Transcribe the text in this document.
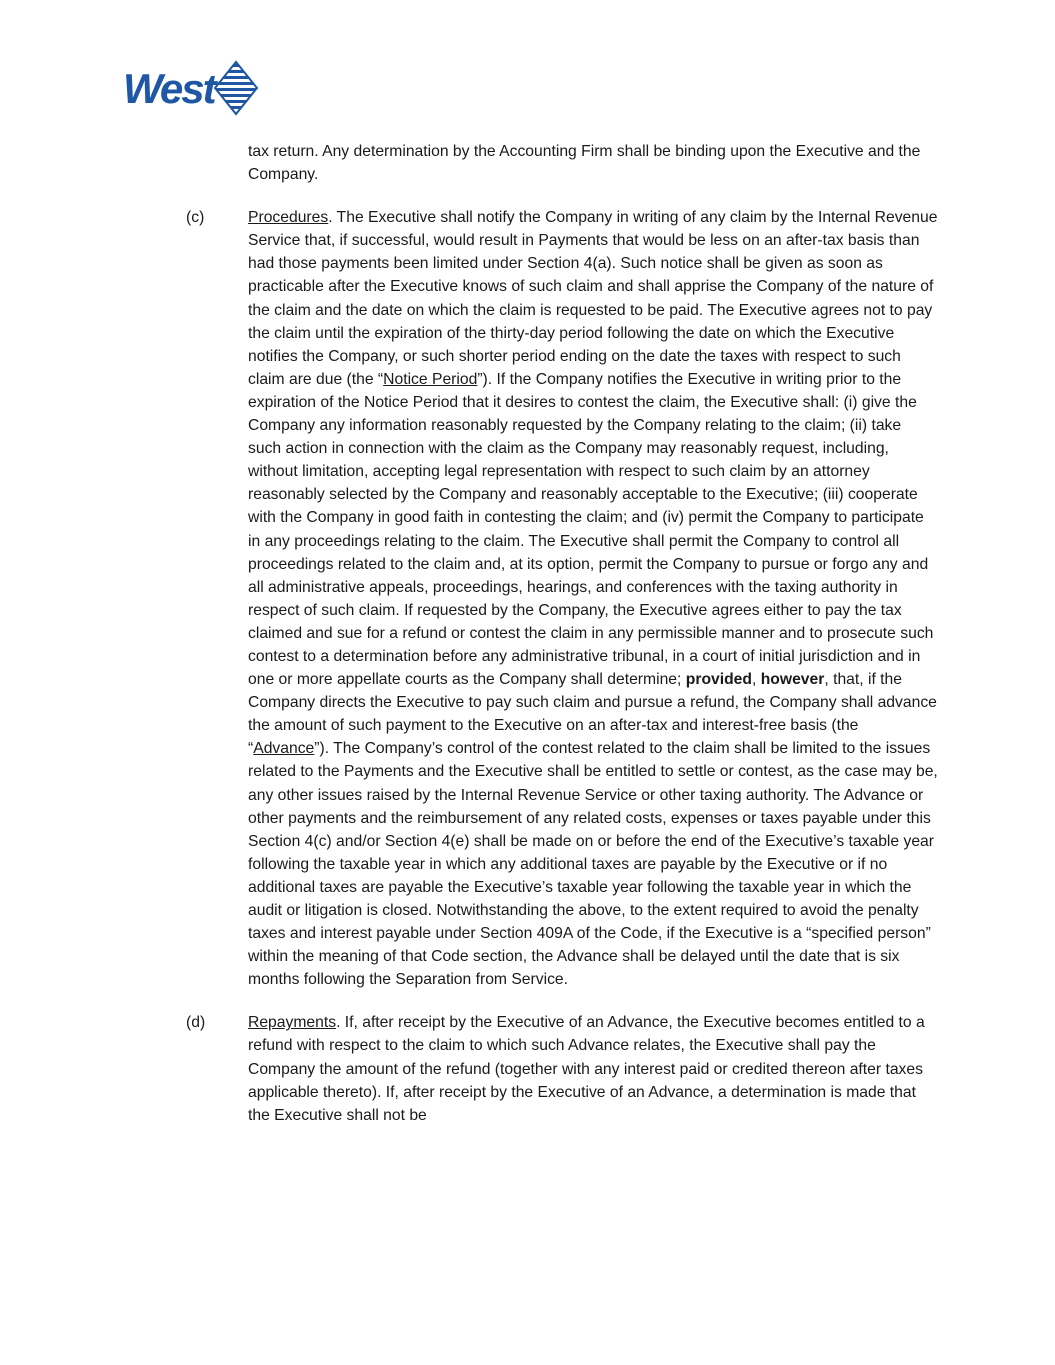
West
tax return. Any determination by the Accounting Firm shall be binding upon the Executive and the Company.
(c)	Procedures. The Executive shall notify the Company in writing of any claim by the Internal Revenue Service that, if successful, would result in Payments that would be less on an after-tax basis than had those payments been limited under Section 4(a). Such notice shall be given as soon as practicable after the Executive knows of such claim and shall apprise the Company of the nature of the claim and the date on which the claim is requested to be paid. The Executive agrees not to pay the claim until the expiration of the thirty-day period following the date on which the Executive notifies the Company, or such shorter period ending on the date the taxes with respect to such claim are due (the “Notice Period”). If the Company notifies the Executive in writing prior to the expiration of the Notice Period that it desires to contest the claim, the Executive shall: (i) give the Company any information reasonably requested by the Company relating to the claim; (ii) take such action in connection with the claim as the Company may reasonably request, including, without limitation, accepting legal representation with respect to such claim by an attorney reasonably selected by the Company and reasonably acceptable to the Executive; (iii) cooperate with the Company in good faith in contesting the claim; and (iv) permit the Company to participate in any proceedings relating to the claim. The Executive shall permit the Company to control all proceedings related to the claim and, at its option, permit the Company to pursue or forgo any and all administrative appeals, proceedings, hearings, and conferences with the taxing authority in respect of such claim. If requested by the Company, the Executive agrees either to pay the tax claimed and sue for a refund or contest the claim in any permissible manner and to prosecute such contest to a determination before any administrative tribunal, in a court of initial jurisdiction and in one or more appellate courts as the Company shall determine; provided, however, that, if the Company directs the Executive to pay such claim and pursue a refund, the Company shall advance the amount of such payment to the Executive on an after-tax and interest-free basis (the “Advance”). The Company’s control of the contest related to the claim shall be limited to the issues related to the Payments and the Executive shall be entitled to settle or contest, as the case may be, any other issues raised by the Internal Revenue Service or other taxing authority. The Advance or other payments and the reimbursement of any related costs, expenses or taxes payable under this Section 4(c) and/or Section 4(e) shall be made on or before the end of the Executive’s taxable year following the taxable year in which any additional taxes are payable by the Executive or if no additional taxes are payable the Executive’s taxable year following the taxable year in which the audit or litigation is closed. Notwithstanding the above, to the extent required to avoid the penalty taxes and interest payable under Section 409A of the Code, if the Executive is a “specified person” within the meaning of that Code section, the Advance shall be delayed until the date that is six months following the Separation from Service.
(d)	Repayments. If, after receipt by the Executive of an Advance, the Executive becomes entitled to a refund with respect to the claim to which such Advance relates, the Executive shall pay the Company the amount of the refund (together with any interest paid or credited thereon after taxes applicable thereto). If, after receipt by the Executive of an Advance, a determination is made that the Executive shall not be
